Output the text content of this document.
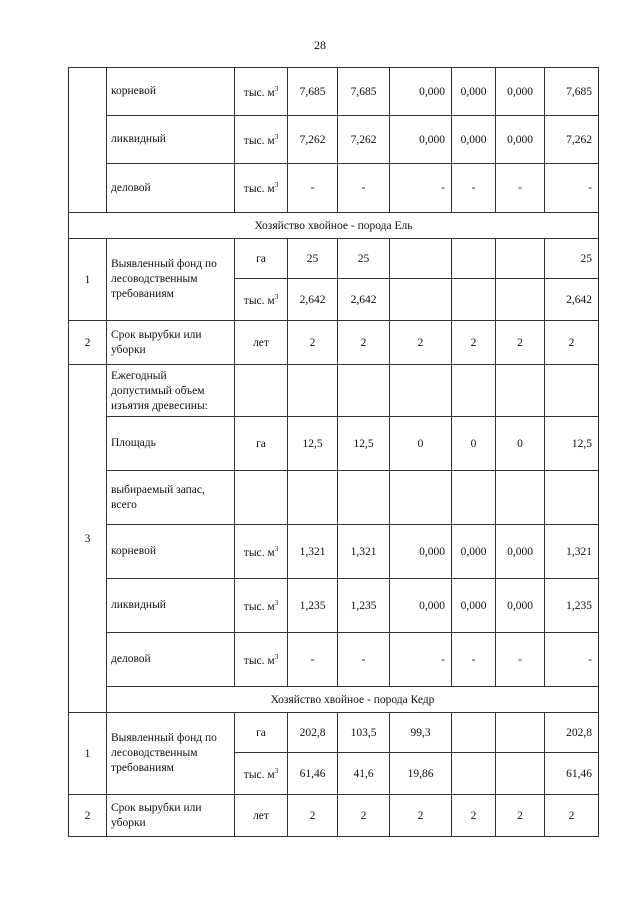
28
	корневой	тыс. $м^3$	7,685	7,685	0,000	0,000	0,000	7,685
	ликвидный	тыс. $м^3$	7,262	7,262	0,000	0,000	0,000	7,262
	деловой	тыс. $м^3$	-	-	-	-	-	-
Хозяйство хвойное - порода Ель								
1	Выявленный фонд по лесоводственным требованиям	га	25	25				25
		тыс. $м^3$	2,642	2,642				2,642
2	Срок вырубки или уборки	лет	2	2	2	2	2	2
3	Ежегодный допустимый объем изъятия древесины:							
	Площадь	га	12,5	12,5	0	0	0	12,5
	выбираемый запас, всего							
	корневой	тыс. $м^3$	1,321	1,321	0,000	0,000	0,000	1,321
	ликвидный	тыс. $м^3$	1,235	1,235	0,000	0,000	0,000	1,235
	деловой	тыс. $м^3$	-	-	-	-	-	-
	Хозяйство хвойное - порода Кедр							
1	Выявленный фонд по лесоводственным требованиям	га	202,8	103,5	99,3			202,8
		тыс. $м^3$	61,46	41,6	19,86			61,46
2	Срок вырубки или уборки	лет	2	2	2	2	2	2
